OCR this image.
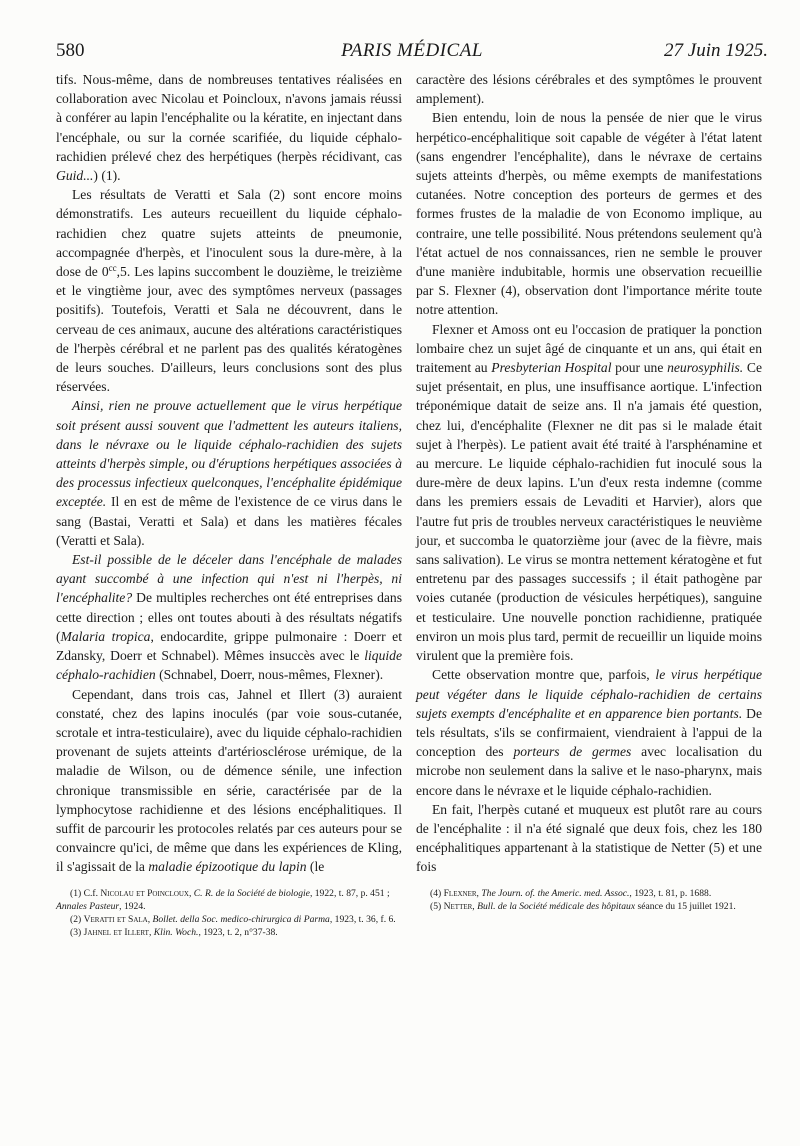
580	PARIS MÉDICAL	27 Juin 1925.

tifs. Nous-même, dans de nombreuses tentatives réalisées en collaboration avec Nicolau et Poincloux, n'avons jamais réussi à conférer au lapin l'encéphalite ou la kératite, en injectant dans l'encéphale, ou sur la cornée scarifiée, du liquide céphalo-rachidien prélevé chez des herpétiques (herpès récidivant, cas Guid...) (1).

Les résultats de Veratti et Sala (2) sont encore moins démonstratifs. Les auteurs recueillent du liquide céphalo-rachidien chez quatre sujets atteints de pneumonie, accompagnée d'herpès, et l'inoculent sous la dure-mère, à la dose de $0^{cc},5$. Les lapins succombent le douzième, le treizième et le vingtième jour, avec des symptômes nerveux (passages positifs). Toutefois, Veratti et Sala ne découvrent, dans le cerveau de ces animaux, aucune des altérations caractéristiques de l'herpès cérébral et ne parlent pas des qualités kératogènes de leurs souches. D'ailleurs, leurs conclusions sont des plus réservées.

Ainsi, rien ne prouve actuellement que le virus herpétique soit présent aussi souvent que l'admettent les auteurs italiens, dans le névraxe ou le liquide céphalo-rachidien des sujets atteints d'herpès simple, ou d'éruptions herpétiques associées à des processus infectieux quelconques, l'encéphalite épidémique exceptée. Il en est de même de l'existence de ce virus dans le sang (Bastai, Veratti et Sala) et dans les matières fécales (Veratti et Sala).

Est-il possible de le déceler dans l'encéphale de malades ayant succombé à une infection qui n'est ni l'herpès, ni l'encéphalite? De multiples recherches ont été entreprises dans cette direction ; elles ont toutes abouti à des résultats négatifs (Malaria tropica, endocardite, grippe pulmonaire : Doerr et Zdansky, Doerr et Schnabel). Mêmes insuccès avec le liquide céphalo-rachidien (Schnabel, Doerr, nous-mêmes, Flexner).

Cependant, dans trois cas, Jahnel et Illert (3) auraient constaté, chez des lapins inoculés (par voie sous-cutanée, scrotale et intra-testiculaire), avec du liquide céphalo-rachidien provenant de sujets atteints d'artériosclérose urémique, de la maladie de Wilson, ou de démence sénile, une infection chronique transmissible en série, caractérisée par de la lymphocytose rachidienne et des lésions encéphalitiques. Il suffit de parcourir les protocoles relatés par ces auteurs pour se convaincre qu'ici, de même que dans les expériences de Kling, il s'agissait de la maladie épizootique du lapin (le

(1) C.f. Nicolau et Poincloux, C. R. de la Société de biologie, 1922, t. 87, p. 451 ; Annales Pasteur, 1924.
(2) Veratti et Sala, Bollet. della Soc. medico-chirurgica di Parma, 1923, t. 36, f. 6.
(3) Jahnel et Illert, Klin. Woch., 1923, t. 2, n°37-38.

caractère des lésions cérébrales et des symptômes le prouvent amplement).

Bien entendu, loin de nous la pensée de nier que le virus herpético-encéphalitique soit capable de végéter à l'état latent (sans engendrer l'encéphalite), dans le névraxe de certains sujets atteints d'herpès, ou même exempts de manifestations cutanées. Notre conception des porteurs de germes et des formes frustes de la maladie de von Economo implique, au contraire, une telle possibilité. Nous prétendons seulement qu'à l'état actuel de nos connaissances, rien ne semble le prouver d'une manière indubitable, hormis une observation recueillie par S. Flexner (4), observation dont l'importance mérite toute notre attention.

Flexner et Amoss ont eu l'occasion de pratiquer la ponction lombaire chez un sujet âgé de cinquante et un ans, qui était en traitement au Presbyterian Hospital pour une neurosyphilis. Ce sujet présentait, en plus, une insuffisance aortique. L'infection tréponémique datait de seize ans. Il n'a jamais été question, chez lui, d'encéphalite (Flexner ne dit pas si le malade était sujet à l'herpès). Le patient avait été traité à l'arsphénamine et au mercure. Le liquide céphalo-rachidien fut inoculé sous la dure-mère de deux lapins. L'un d'eux resta indemne (comme dans les premiers essais de Levaditi et Harvier), alors que l'autre fut pris de troubles nerveux caractéristiques le neuvième jour, et succomba le quatorzième jour (avec de la fièvre, mais sans salivation). Le virus se montra nettement kératogène et fut entretenu par des passages successifs ; il était pathogène par voies cutanée (production de vésicules herpétiques), sanguine et testiculaire. Une nouvelle ponction rachidienne, pratiquée environ un mois plus tard, permit de recueillir un liquide moins virulent que la première fois.

Cette observation montre que, parfois, le virus herpétique peut végéter dans le liquide céphalo-rachidien de certains sujets exempts d'encéphalite et en apparence bien portants. De tels résultats, s'ils se confirmaient, viendraient à l'appui de la conception des porteurs de germes avec localisation du microbe non seulement dans la salive et le naso-pharynx, mais encore dans le névraxe et le liquide céphalo-rachidien.

En fait, l'herpès cutané et muqueux est plutôt rare au cours de l'encéphalite : il n'a été signalé que deux fois, chez les 180 encéphalitiques appartenant à la statistique de Netter (5) et une fois

(4) Flexner, The Journ. of. the Americ. med. Assoc., 1923, t. 81, p. 1688.
(5) Netter, Bull. de la Société médicale des hôpitaux séance du 15 juillet 1921.
